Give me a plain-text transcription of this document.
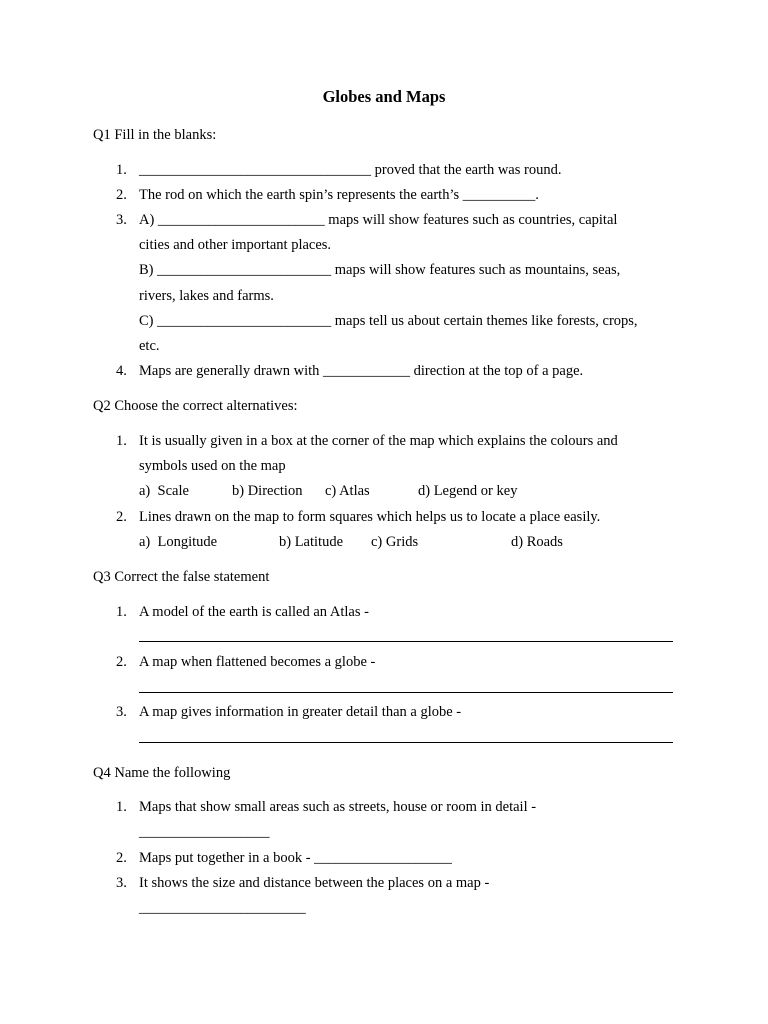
Globes and Maps
Q1 Fill in the blanks:
1. ________________________________ proved that the earth was round.
2. The rod on which the earth spin’s represents the earth’s __________.
3. A) _______________________ maps will show features such as countries, capital
cities and other important places.
B) ________________________ maps will show features such as mountains, seas,
rivers, lakes and farms.
C) ________________________ maps tell us about certain themes like forests, crops,
etc.
4. Maps are generally drawn with ____________ direction at the top of a page.
Q2 Choose the correct alternatives:
1. It is usually given in a box at the corner of the map which explains the colours and
symbols used on the map
a)  Scale	b) Direction c) Atlas	d) Legend or key
2. Lines drawn on the map to form squares which helps us to locate a place easily.
a)  Longitude	b) Latitude c) Grids	d) Roads
Q3 Correct the false statement
1. A model of the earth is called an Atlas -
2. A map when flattened becomes a globe -
3. A map gives information in greater detail than a globe -
Q4 Name the following
1. Maps that show small areas such as streets, house or room in detail -
__________________
2. Maps put together in a book - ___________________
3. It shows the size and distance between the places on a map -
_______________________
